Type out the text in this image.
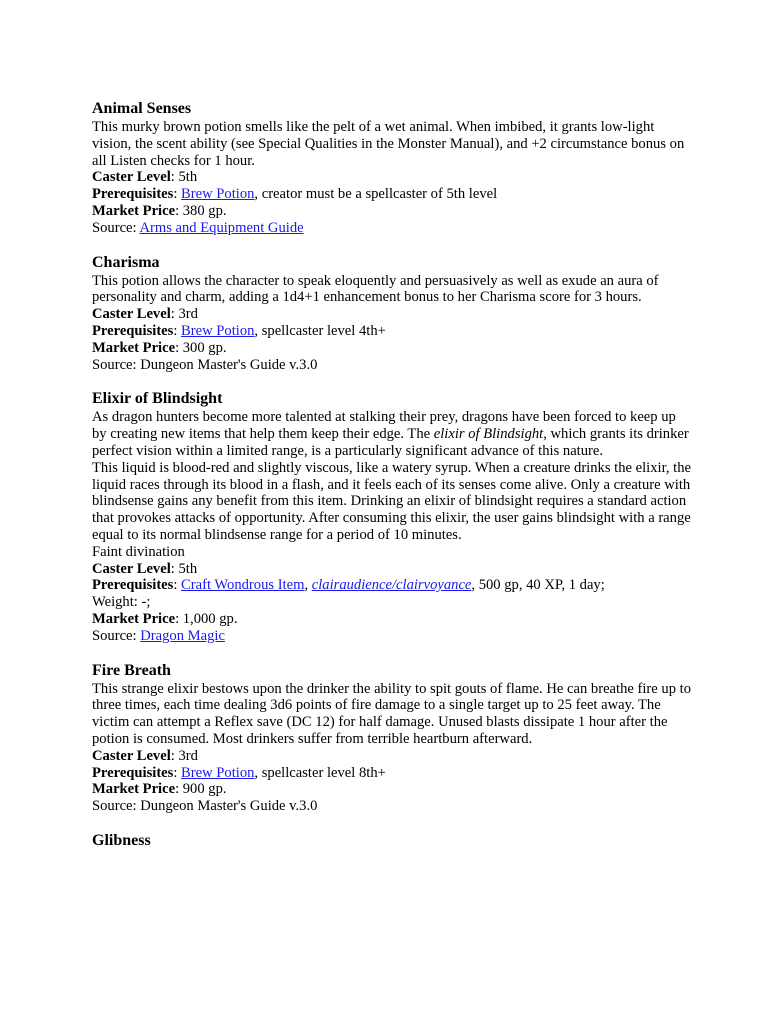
Animal Senses

This murky brown potion smells like the pelt of a wet animal. When imbibed, it grants low-light vision, the scent ability (see Special Qualities in the Monster Manual), and +2 circumstance bonus on all Listen checks for 1 hour.

Caster Level: 5th

Prerequisites: Brew Potion, creator must be a spellcaster of 5th level

Market Price: 380 gp.

Source: Arms and Equipment Guide

Charisma

This potion allows the character to speak eloquently and persuasively as well as exude an aura of personality and charm, adding a 1d4+1 enhancement bonus to her Charisma score for 3 hours.

Caster Level: 3rd

Prerequisites: Brew Potion, spellcaster level 4th+

Market Price: 300 gp.

Source: Dungeon Master's Guide v.3.0

Elixir of Blindsight

As dragon hunters become more talented at stalking their prey, dragons have been forced to keep up by creating new items that help them keep their edge. The elixir of Blindsight, which grants its drinker perfect vision within a limited range, is a particularly significant advance of this nature.

This liquid is blood-red and slightly viscous, like a watery syrup. When a creature drinks the elixir, the liquid races through its blood in a flash, and it feels each of its senses come alive. Only a creature with blindsense gains any benefit from this item. Drinking an elixir of blindsight requires a standard action that provokes attacks of opportunity. After consuming this elixir, the user gains blindsight with a range equal to its normal blindsense range for a period of 10 minutes.

Faint divination

Caster Level: 5th

Prerequisites: Craft Wondrous Item, clairaudience/clairvoyance, 500 gp, 40 XP, 1 day;

Weight: -;

Market Price: 1,000 gp.

Source: Dragon Magic

Fire Breath

This strange elixir bestows upon the drinker the ability to spit gouts of flame. He can breathe fire up to three times, each time dealing 3d6 points of fire damage to a single target up to 25 feet away. The victim can attempt a Reflex save (DC 12) for half damage. Unused blasts dissipate 1 hour after the potion is consumed. Most drinkers suffer from terrible heartburn afterward.

Caster Level: 3rd

Prerequisites: Brew Potion, spellcaster level 8th+

Market Price: 900 gp.

Source: Dungeon Master's Guide v.3.0

Glibness
